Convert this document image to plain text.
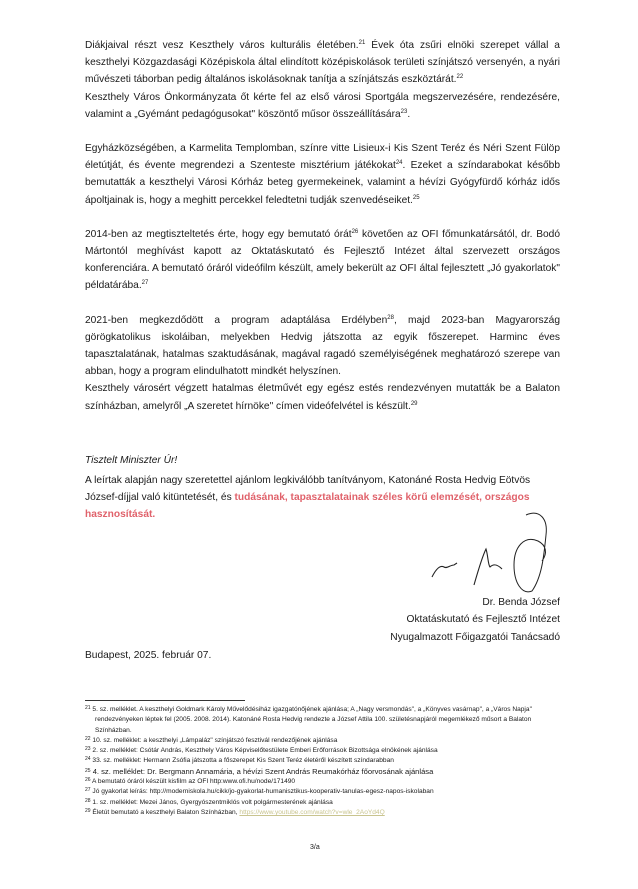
Diákjaival részt vesz Keszthely város kulturális életében.$^{21}$ Évek óta zsűri elnöki szerepet vállal a keszthelyi Közgazdasági Középiskola által elindított középiskolások területi színjátszó versenyén, a nyári művészeti táborban pedig általános iskolásoknak tanítja a színjátszás eszköztárát.$^{22}$

Keszthely Város Önkormányzata őt kérte fel az első városi Sportgála megszervezésére, rendezésére, valamint a „Gyémánt pedagógusokat" köszöntő műsor összeállítására$^{23}$.

Egyházközségében, a Karmelita Templomban, színre vitte Lisieux-i Kis Szent Teréz és Néri Szent Fülöp életútját, és évente megrendezi a Szenteste misztérium játékokat$^{24}$. Ezeket a színdarabokat később bemutatták a keszthelyi Városi Kórház beteg gyermekeinek, valamint a hévízi Gyógyfürdő kórház idős ápoltjainak is, hogy a meghitt percekkel feledtetni tudják szenvedéseiket.$^{25}$

2014-ben az megtiszteltetés érte, hogy egy bemutató órát$^{26}$ követően az OFI főmunkatársától, dr. Bodó Mártontól meghívást kapott az Oktatáskutató és Fejlesztő Intézet által szervezett országos konferenciára. A bemutató óráról videófilm készült, amely bekerült az OFI által fejlesztett „Jó gyakorlatok" példatárába.$^{27}$

2021-ben megkezdődött a program adaptálása Erdélyben$^{28}$, majd 2023-ban Magyarország görögkatolikus iskoláiban, melyekben Hedvig játszotta az egyik főszerepet. Harminc éves tapasztalatának, hatalmas szaktudásának, magával ragadó személyiségének meghatározó szerepe van abban, hogy a program elindulhatott mindkét helyszínen.

Keszthely városért végzett hatalmas életművét egy egész estés rendezvényen mutatták be a Balaton színházban, amelyről „A szeretet hírnöke" címen videófelvétel is készült.$^{29}$

Tisztelt Miniszter Úr!
A leírtak alapján nagy szeretettel ajánlom legkiválóbb tanítványom, Katonáné Rosta Hedvig Eötvös József-díjjal való kitüntetését, és tudásának, tapasztalatainak széles körű elemzését, országos hasznosítását.
Dr. Benda József
Oktatáskutató és Fejlesztő Intézet
Nyugalmazott Főigazgatói Tanácsadó
Budapest, 2025. február 07.

$^{21}$ 5. sz. melléklet. A keszthelyi Goldmark Károly Művelődésiház igazgatónőjének ajánlása; A „Nagy versmondás", a „Könyves vasárnap", a „Város Napja" rendezvényeken léptek fel (2005. 2008. 2014). Katonáné Rosta Hedvig rendezte a József Attila 100. születésnapjáról megemlékező műsort a Balaton Színházban.

$^{22}$ 10. sz. melléklet: a keszthelyi „Lámpaláz" színjátszó fesztivál rendezőjének ajánlása

$^{23}$ 2. sz. melléklet: Csótár András, Keszthely Város Képviselőtestülete Emberi Erőforrások Bizottsága elnökének ajánlása

$^{24}$ 33. sz. melléklet: Hermann Zsófia játszotta a főszerepet Kis Szent Teréz életéről készített színdarabban

$^{25}$ 4. sz. melléklet: Dr. Bergmann Annamária, a hévízi Szent András Reumakórház főorvosának ajánlása

$^{26}$ A bemutató óráról készült kisfilm az OFI http:www.ofi.hu/node/171490

$^{27}$ Jó gyakorlat leírás: http://moderniskola.hu/cikk/jo-gyakorlat-humanisztikus-kooperativ-tanulas-egesz-napos-iskolaban

$^{28}$ 1. sz. melléklet: Mezei János, Gyergyószentmiklós volt polgármesterének ajánlása

$^{29}$ Életút bemutató a keszthelyi Balaton Színházban, https://www.youtube.com/watch?v=wle_2AoYd4Q

3/a
